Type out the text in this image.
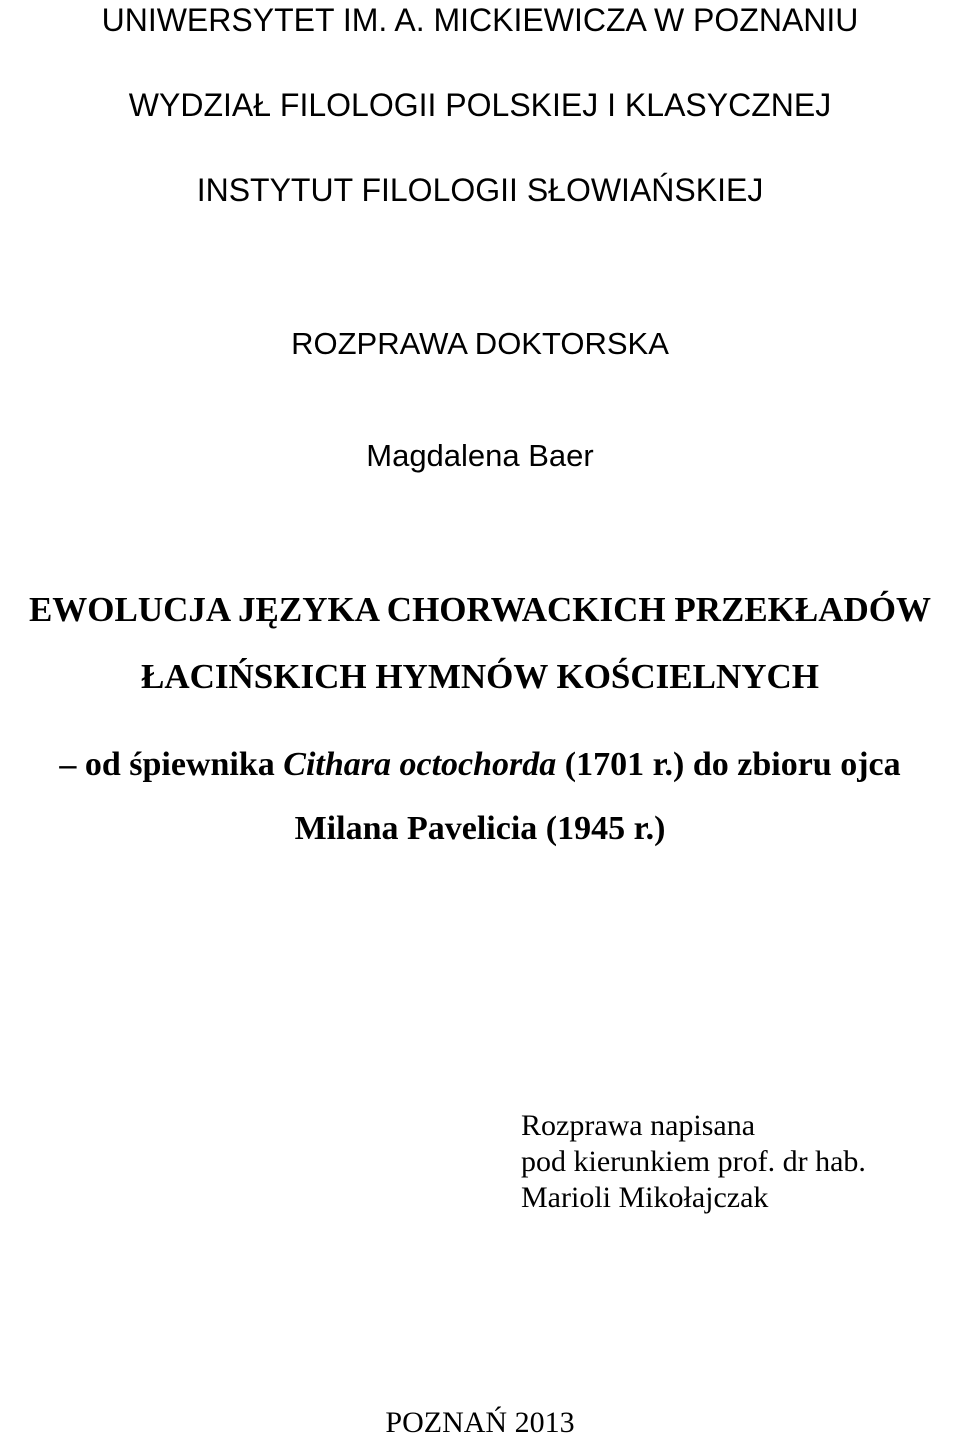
UNIWERSYTET IM. A. MICKIEWICZA W POZNANIU
WYDZIAŁ FILOLOGII POLSKIEJ I KLASYCZNEJ
INSTYTUT FILOLOGII SŁOWIAŃSKIEJ
ROZPRAWA DOKTORSKA
Magdalena Baer
EWOLUCJA JĘZYKA CHORWACKICH PRZEKŁADÓW
ŁACIŃSKICH HYMNÓW KOŚCIELNYCH
– od śpiewnika Cithara octochorda (1701 r.) do zbioru ojca
Milana Pavelicia (1945 r.)
Rozprawa napisana
pod kierunkiem prof. dr hab.
Marioli Mikołajczak
POZNAŃ 2013
